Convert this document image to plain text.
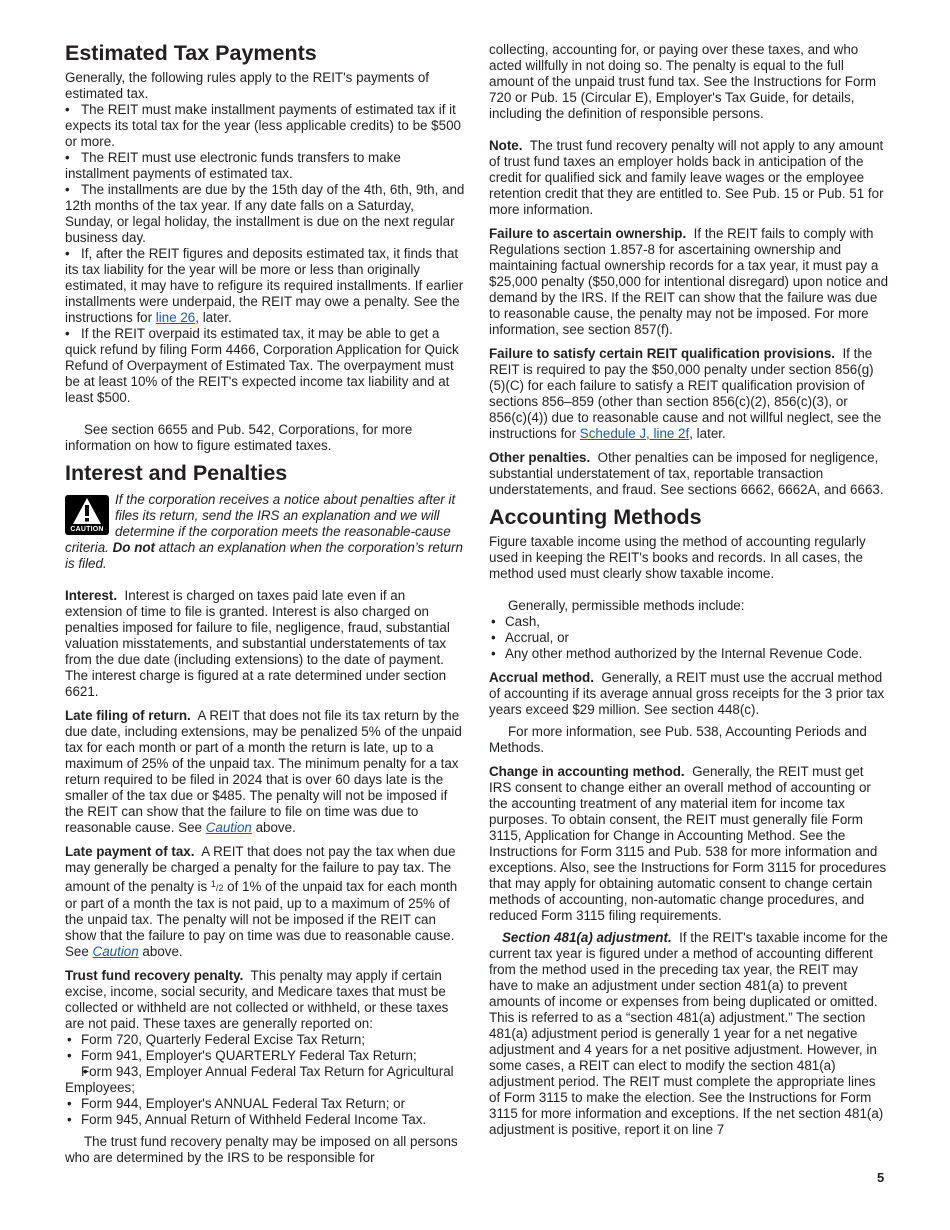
Estimated Tax Payments

Generally, the following rules apply to the REIT's payments of estimated tax.

• The REIT must make installment payments of estimated tax if it expects its total tax for the year (less applicable credits) to be $500 or more.

• The REIT must use electronic funds transfers to make installment payments of estimated tax.

• The installments are due by the 15th day of the 4th, 6th, 9th, and 12th months of the tax year. If any date falls on a Saturday, Sunday, or legal holiday, the installment is due on the next regular business day.

• If, after the REIT figures and deposits estimated tax, it finds that its tax liability for the year will be more or less than originally estimated, it may have to refigure its required installments. If earlier installments were underpaid, the REIT may owe a penalty. See the instructions for line 26, later.

• If the REIT overpaid its estimated tax, it may be able to get a quick refund by filing Form 4466, Corporation Application for Quick Refund of Overpayment of Estimated Tax. The overpayment must be at least 10% of the REIT's expected income tax liability and at least $500.

See section 6655 and Pub. 542, Corporations, for more information on how to figure estimated taxes.

Interest and Penalties
CAUTION
If the corporation receives a notice about penalties after it files its return, send the IRS an explanation and we will determine if the corporation meets the reasonable-cause criteria. Do not attach an explanation when the corporation’s return is filed.

Interest. Interest is charged on taxes paid late even if an extension of time to file is granted. Interest is also charged on penalties imposed for failure to file, negligence, fraud, substantial valuation misstatements, and substantial understatements of tax from the due date (including extensions) to the date of payment. The interest charge is figured at a rate determined under section 6621.

Late filing of return. A REIT that does not file its tax return by the due date, including extensions, may be penalized 5% of the unpaid tax for each month or part of a month the return is late, up to a maximum of 25% of the unpaid tax. The minimum penalty for a tax return required to be filed in 2024 that is over 60 days late is the smaller of the tax due or $485. The penalty will not be imposed if the REIT can show that the failure to file on time was due to reasonable cause. See Caution above.

Late payment of tax. A REIT that does not pay the tax when due may generally be charged a penalty for the failure to pay tax. The amount of the penalty is $^1$/2 of 1% of the unpaid tax for each month or part of a month the tax is not paid, up to a maximum of 25% of the unpaid tax. The penalty will not be imposed if the REIT can show that the failure to pay on time was due to reasonable cause. See Caution above.

Trust fund recovery penalty. This penalty may apply if certain excise, income, social security, and Medicare taxes that must be collected or withheld are not collected or withheld, or these taxes are not paid. These taxes are generally reported on:

• Form 720, Quarterly Federal Excise Tax Return;
• Form 941, Employer's QUARTERLY Federal Tax Return;
• Form 943, Employer Annual Federal Tax Return for Agricultural Employees;
• Form 944, Employer's ANNUAL Federal Tax Return; or
• Form 945, Annual Return of Withheld Federal Income Tax.

The trust fund recovery penalty may be imposed on all persons who are determined by the IRS to be responsible for

collecting, accounting for, or paying over these taxes, and who acted willfully in not doing so. The penalty is equal to the full amount of the unpaid trust fund tax. See the Instructions for Form 720 or Pub. 15 (Circular E), Employer's Tax Guide, for details, including the definition of responsible persons.

Note. The trust fund recovery penalty will not apply to any amount of trust fund taxes an employer holds back in anticipation of the credit for qualified sick and family leave wages or the employee retention credit that they are entitled to. See Pub. 15 or Pub. 51 for more information.

Failure to ascertain ownership. If the REIT fails to comply with Regulations section 1.857-8 for ascertaining ownership and maintaining factual ownership records for a tax year, it must pay a $25,000 penalty ($50,000 for intentional disregard) upon notice and demand by the IRS. If the REIT can show that the failure was due to reasonable cause, the penalty may not be imposed. For more information, see section 857(f).

Failure to satisfy certain REIT qualification provisions. If the REIT is required to pay the $50,000 penalty under section 856(g)(5)(C) for each failure to satisfy a REIT qualification provision of sections 856–859 (other than section 856(c)(2), 856(c)(3), or 856(c)(4)) due to reasonable cause and not willful neglect, see the instructions for Schedule J, line 2f, later.

Other penalties. Other penalties can be imposed for negligence, substantial understatement of tax, reportable transaction understatements, and fraud. See sections 6662, 6662A, and 6663.

Accounting Methods

Figure taxable income using the method of accounting regularly used in keeping the REIT's books and records. In all cases, the method used must clearly show taxable income.

Generally, permissible methods include:

• Cash,
• Accrual, or
• Any other method authorized by the Internal Revenue Code.

Accrual method. Generally, a REIT must use the accrual method of accounting if its average annual gross receipts for the 3 prior tax years exceed $29 million. See section 448(c).

For more information, see Pub. 538, Accounting Periods and Methods.

Change in accounting method. Generally, the REIT must get IRS consent to change either an overall method of accounting or the accounting treatment of any material item for income tax purposes. To obtain consent, the REIT must generally file Form 3115, Application for Change in Accounting Method. See the Instructions for Form 3115 and Pub. 538 for more information and exceptions. Also, see the Instructions for Form 3115 for procedures that may apply for obtaining automatic consent to change certain methods of accounting, non-automatic change procedures, and reduced Form 3115 filing requirements.

Section 481(a) adjustment. If the REIT's taxable income for the current tax year is figured under a method of accounting different from the method used in the preceding tax year, the REIT may have to make an adjustment under section 481(a) to prevent amounts of income or expenses from being duplicated or omitted. This is referred to as a “section 481(a) adjustment.” The section 481(a) adjustment period is generally 1 year for a net negative adjustment and 4 years for a net positive adjustment. However, in some cases, a REIT can elect to modify the section 481(a) adjustment period. The REIT must complete the appropriate lines of Form 3115 to make the election. See the Instructions for Form 3115 for more information and exceptions. If the net section 481(a) adjustment is positive, report it on line 7

5
